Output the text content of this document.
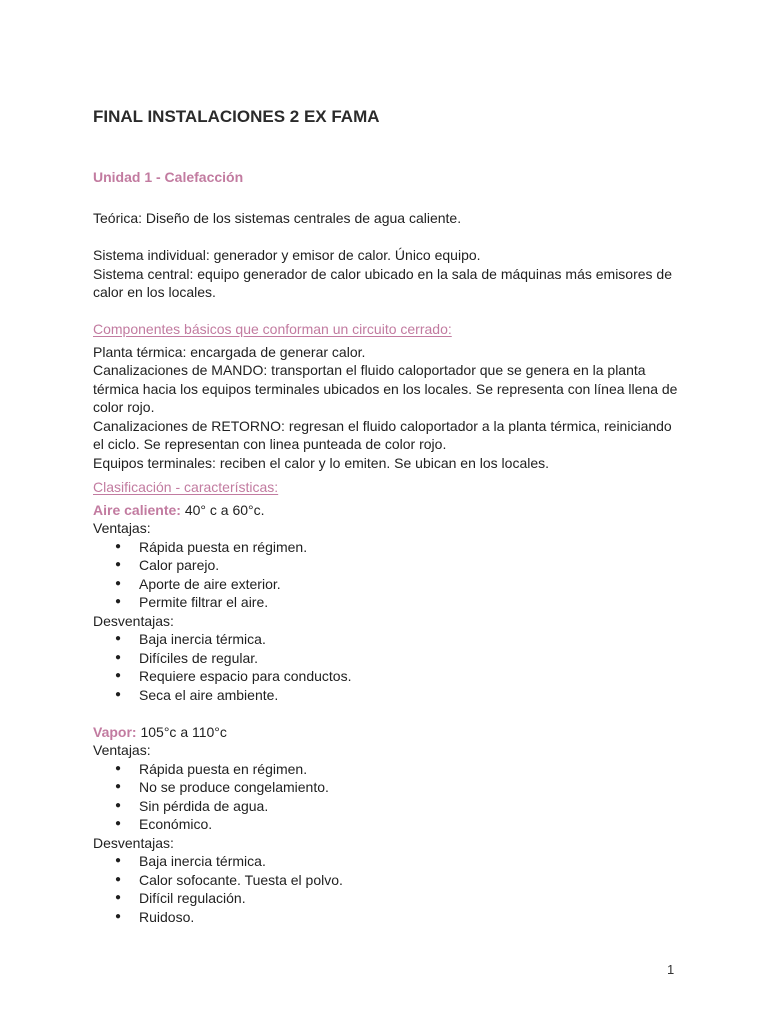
FINAL INSTALACIONES 2 EX FAMA
Unidad 1 - Calefacción

Teórica: Diseño de los sistemas centrales de agua caliente.

Sistema individual: generador y emisor de calor. Único equipo.

Sistema central: equipo generador de calor ubicado en la sala de máquinas más emisores de calor en los locales.

Componentes básicos que conforman un circuito cerrado:

Planta térmica: encargada de generar calor.

Canalizaciones de MANDO: transportan el fluido caloportador que se genera en la planta térmica hacia los equipos terminales ubicados en los locales. Se representa con línea llena de color rojo.

Canalizaciones de RETORNO: regresan el fluido caloportador a la planta térmica, reiniciando el ciclo. Se representan con linea punteada de color rojo.

Equipos terminales: reciben el calor y lo emiten. Se ubican en los locales.

Clasificación - características:

Aire caliente: 40° c a 60°c.

Ventajas:

● Rápida puesta en régimen.
● Calor parejo.
● Aporte de aire exterior.
● Permite filtrar el aire.

Desventajas:

● Baja inercia térmica.
● Difíciles de regular.
● Requiere espacio para conductos.
● Seca el aire ambiente.

Vapor: 105°c a 110°c

Ventajas:

● Rápida puesta en régimen.
● No se produce congelamiento.
● Sin pérdida de agua.
● Económico.

Desventajas:

● Baja inercia térmica.
● Calor sofocante. Tuesta el polvo.
● Difícil regulación.
● Ruidoso.
1
